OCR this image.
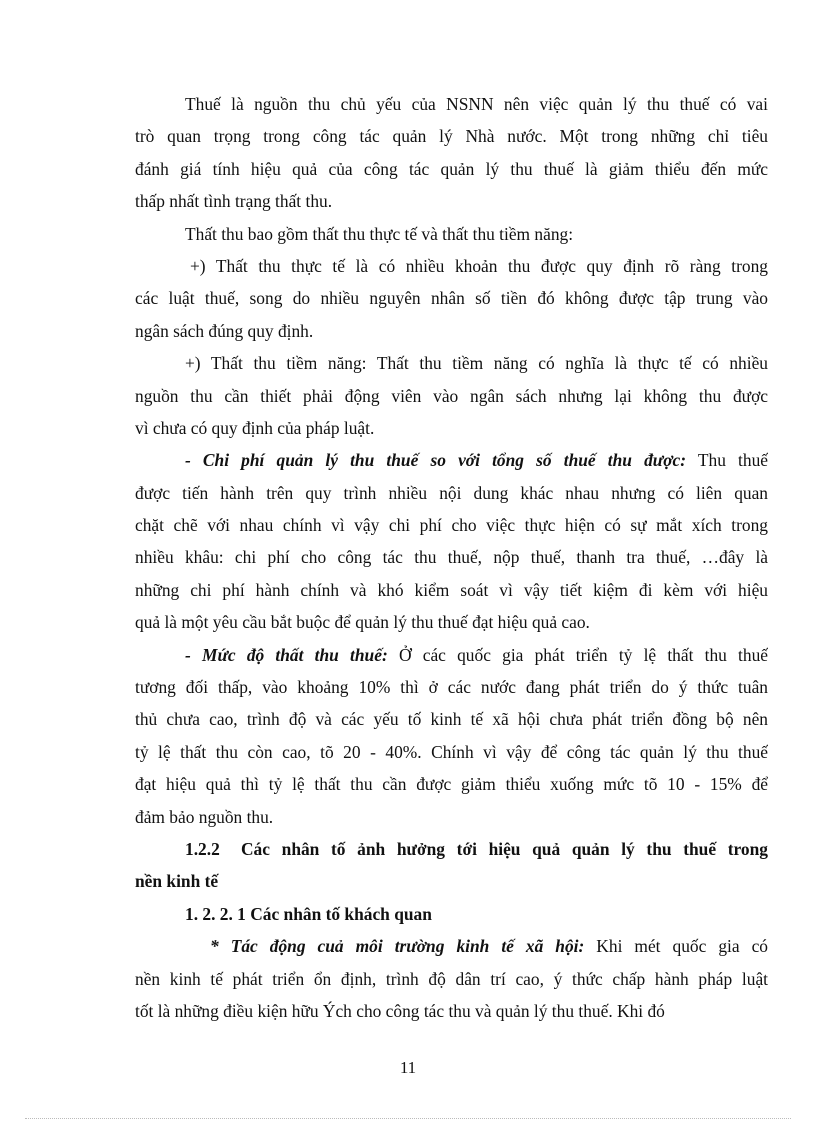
Thuế là nguồn thu chủ yếu của NSNN nên việc quản lý thu thuế có vai
trò quan trọng trong công tác quản lý Nhà nước. Một trong những chỉ tiêu
đánh giá tính hiệu quả của công tác quản lý thu thuế là giảm thiểu đến mức
thấp nhất tình trạng thất thu.
Thất thu bao gồm thất thu thực tế và thất thu tiềm năng:
+) Thất thu thực tế là có nhiều khoản thu được quy định rõ ràng trong
các luật thuế, song do nhiều nguyên nhân số tiền đó không được tập trung vào
ngân sách đúng quy định.
+) Thất thu tiềm năng: Thất thu tiềm năng có nghĩa là thực tế có nhiều
nguồn thu cần thiết phải động viên vào ngân sách nhưng lại không thu được
vì chưa có quy định của pháp luật.
- Chi phí quản lý thu thuế so với tổng số thuế thu được: Thu thuế
được tiến hành trên quy trình nhiều nội dung khác nhau nhưng có liên quan
chặt chẽ với nhau chính vì vậy chi phí cho việc thực hiện có sự mắt xích trong
nhiều khâu: chi phí cho công tác thu thuế, nộp thuế, thanh tra thuế, …đây là
những chi phí hành chính và khó kiểm soát vì vậy tiết kiệm đi kèm với hiệu
quả là một yêu cầu bắt buộc để quản lý thu thuế đạt hiệu quả cao.
- Mức độ thất thu thuế: Ở các quốc gia phát triển tỷ lệ thất thu thuế
tương đối thấp, vào khoảng 10% thì ở các nước đang phát triển do ý thức tuân
thủ chưa cao, trình độ và các yếu tố kinh tế xã hội chưa phát triển đồng bộ nên
tỷ lệ thất thu còn cao, tõ 20 - 40%. Chính vì vậy để công tác quản lý thu thuế
đạt hiệu quả thì tỷ lệ thất thu cần được giảm thiểu xuống mức tõ 10 - 15% để
đảm bảo nguồn thu.
1.2.2	Các nhân tố ảnh hưởng tới hiệu quả quản lý thu thuế trong
nền kinh tế
1. 2. 2. 1 Các nhân tố khách quan
* Tác động cuả môi trường kinh tế xã hội: Khi mét quốc gia có
nền kinh tế phát triển ổn định, trình độ dân trí cao, ý thức chấp hành pháp luật
tốt là những điều kiện hữu Ých cho công tác thu và quản lý thu thuế. Khi đó
11
